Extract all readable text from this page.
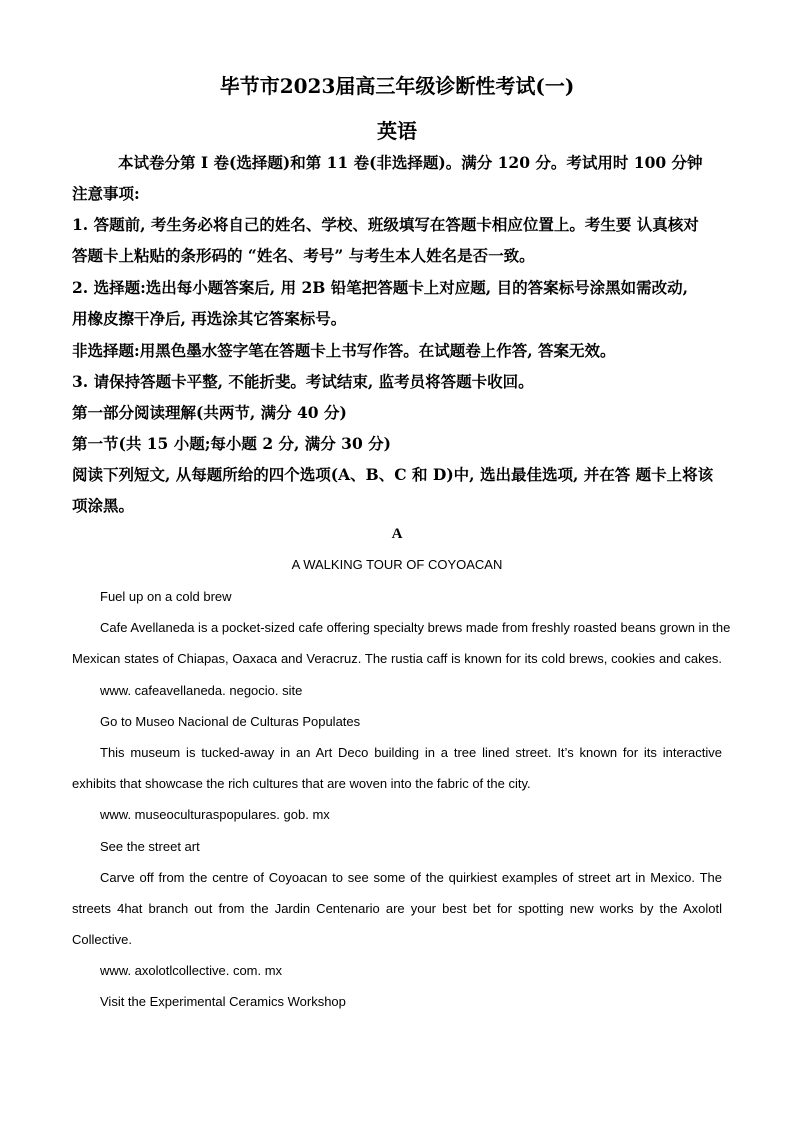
毕节市2023届高三年级诊断性考试(一)
英语
本试卷分第 I 卷(选择题)和第 11 卷(非选择题)。满分 120 分。考试用时 100 分钟
注意事项:
1. 答题前, 考生务必将自己的姓名、学校、班级填写在答题卡相应位置上。考生要 认真核对
答题卡上粘贴的条形码的 “姓名、考号” 与考生本人姓名是否一致。
2. 选择题:选出每小题答案后, 用 2B 铅笔把答题卡上对应题, 目的答案标号涂黑如需改动,
用橡皮擦干净后, 再选涂其它答案标号。
非选择题:用黑色墨水签字笔在答题卡上书写作答。在试题卷上作答, 答案无效。
3. 请保持答题卡平整, 不能折斐。考试结束, 监考员将答题卡收回。
第一部分阅读理解(共两节, 满分 40 分)
第一节(共 15 小题;每小题 2 分, 满分 30 分)
阅读下列短文, 从每题所给的四个选项(A、B、C 和 D)中, 选出最佳选项, 并在答 题卡上将该
项涂黑。
A
A WALKING TOUR OF COYOACAN
Fuel up on a cold brew
Cafe Avellaneda is a pocket-sized cafe offering specialty brews made from freshly roasted beans grown in the
Mexican states of Chiapas, Oaxaca and Veracruz. The rustia caff is known for its cold brews, cookies and cakes.
www. cafeavellaneda. negocio. site
Go to Museo Nacional de Culturas Populates
This museum is tucked-away in an Art Deco building in a tree lined street. It’s known for its interactive
exhibits that showcase the rich cultures that are woven into the fabric of the city.
www. museoculturaspopulares. gob. mx
See the street art
Carve off from the centre of Coyoacan to see some of the quirkiest examples of street art in Mexico. The
streets 4hat branch out from the Jardin Centenario are your best bet for spotting new works by the Axolotl
Collective.
www. axolotlcollective. com. mx
Visit the Experimental Ceramics Workshop
